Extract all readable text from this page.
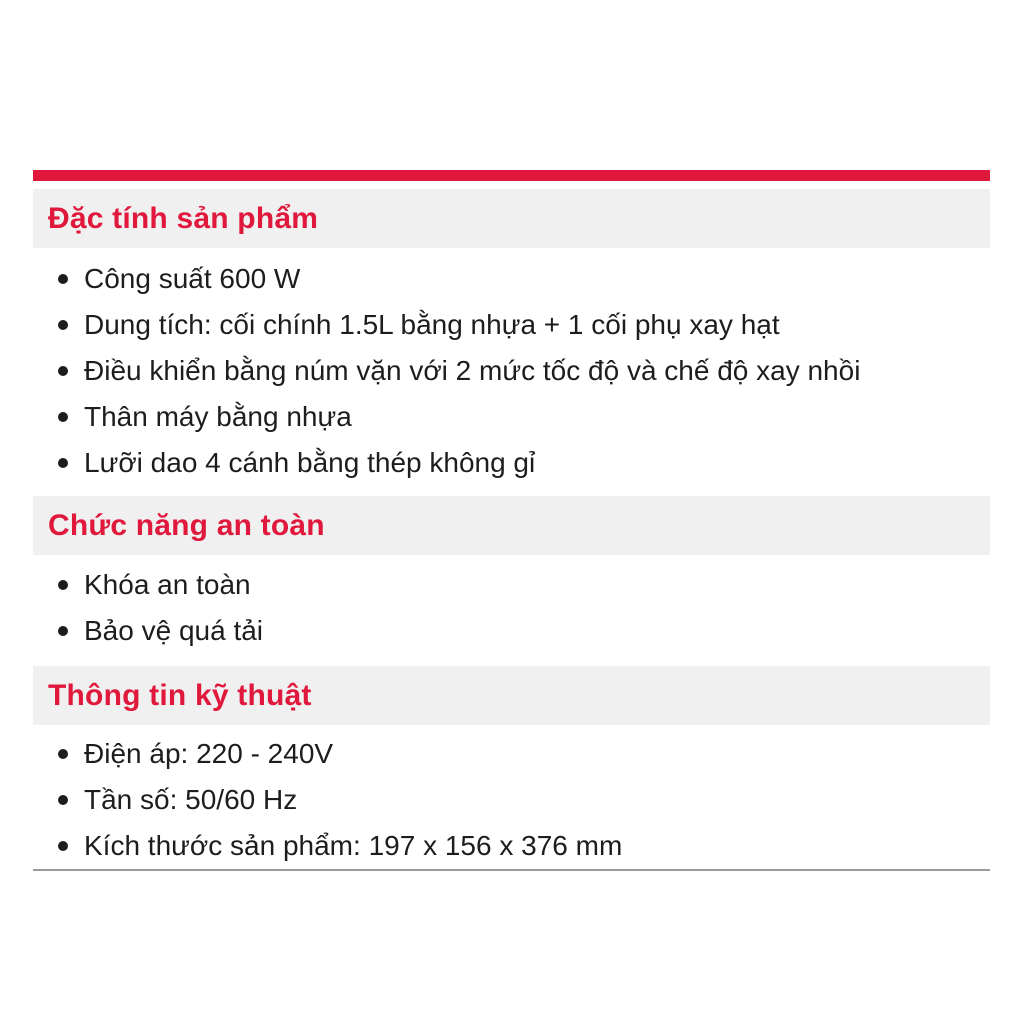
Đặc tính sản phẩm
Công suất 600 W
Dung tích: cối chính 1.5L bằng nhựa + 1 cối phụ xay hạt
Điều khiển bằng núm vặn với 2 mức tốc độ và chế độ xay nhồi
Thân máy bằng nhựa
Lưỡi dao 4 cánh bằng thép không gỉ
Chức năng an toàn
Khóa an toàn
Bảo vệ quá tải
Thông tin kỹ thuật
Điện áp: 220 - 240V
Tần số: 50/60 Hz
Kích thước sản phẩm: 197 x 156 x 376 mm
